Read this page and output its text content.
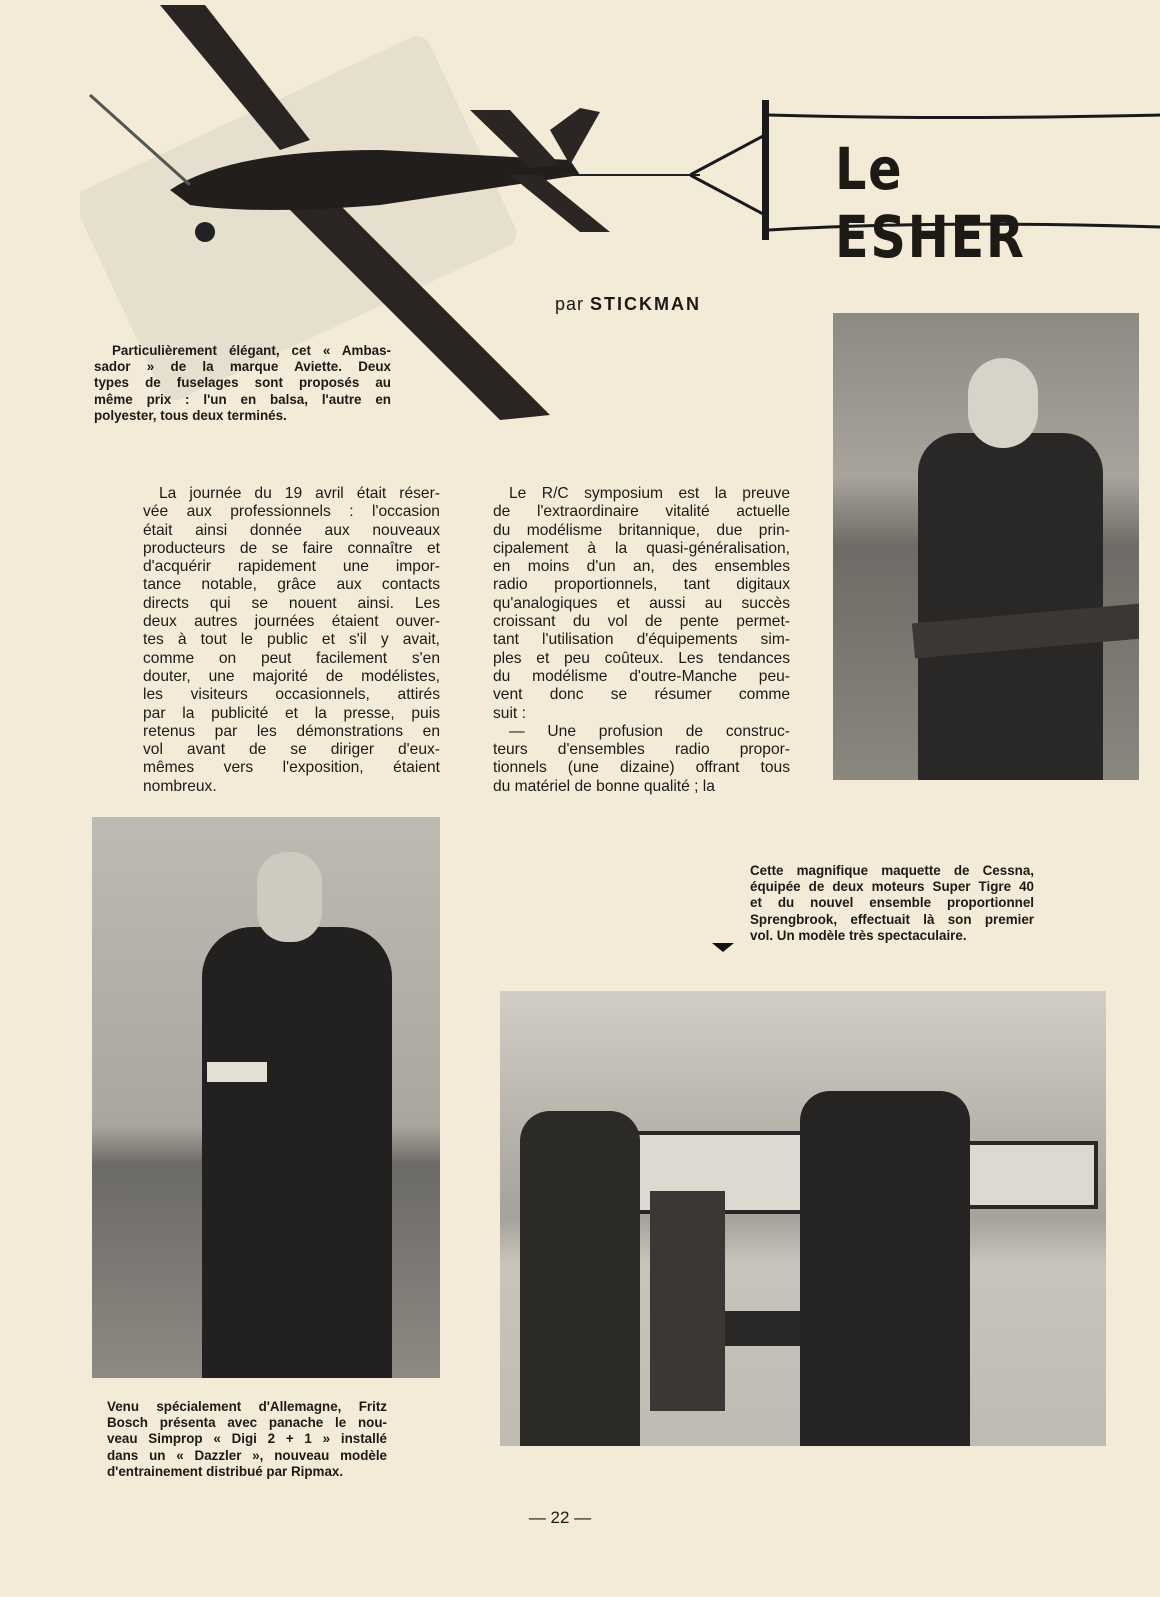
Le ESHER
par STICKMAN
Particulièrement élégant, cet « Ambas-
sador » de la marque Aviette. Deux
types de fuselages sont proposés au
même prix : l'un en balsa, l'autre en
polyester, tous deux terminés.
La journée du 19 avril était réser-
vée aux professionnels : l'occasion
était ainsi donnée aux nouveaux
producteurs de se faire connaître et
d'acquérir rapidement une impor-
tance notable, grâce aux contacts
directs qui se nouent ainsi. Les
deux autres journées étaient ouver-
tes à tout le public et s'il y avait,
comme on peut facilement s'en
douter, une majorité de modélistes,
les visiteurs occasionnels, attirés
par la publicité et la presse, puis
retenus par les démonstrations en
vol avant de se diriger d'eux-
mêmes vers l'exposition, étaient
nombreux.
Le R/C symposium est la preuve
de l'extraordinaire vitalité actuelle
du modélisme britannique, due prin-
cipalement à la quasi-généralisation,
en moins d'un an, des ensembles
radio proportionnels, tant digitaux
qu'analogiques et aussi au succès
croissant du vol de pente permet-
tant l'utilisation d'équipements sim-
ples et peu coûteux. Les tendances
du modélisme d'outre-Manche peu-
vent donc se résumer comme
suit :
— Une profusion de construc-
teurs d'ensembles radio propor-
tionnels (une dizaine) offrant tous
du matériel de bonne qualité ; la
Cette magnifique maquette de Cessna,
équipée de deux moteurs Super Tigre 40
et du nouvel ensemble proportionnel
Sprengbrook, effectuait là son premier
vol. Un modèle très spectaculaire.
Venu spécialement d'Allemagne, Fritz
Bosch présenta avec panache le nou-
veau Simprop « Digi 2 + 1 » installé
dans un « Dazzler », nouveau modèle
d'entrainement distribué par Ripmax.
— 22 —
